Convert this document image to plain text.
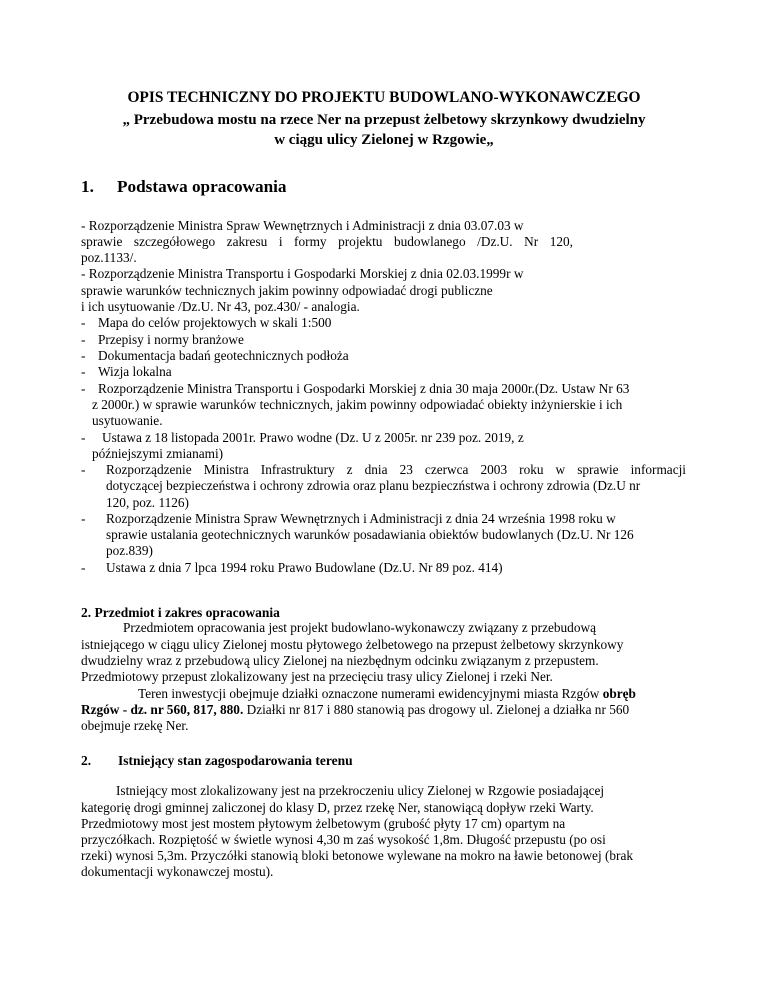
OPIS TECHNICZNY DO PROJEKTU BUDOWLANO-WYKONAWCZEGO

„ Przebudowa mostu na rzece Ner na przepust żelbetowy skrzynkowy dwudzielny

w ciągu ulicy Zielonej w Rzgowie„

1. Podstawa opracowania

- Rozporządzenie Ministra Spraw Wewnętrznych i Administracji z dnia 03.07.03 w

sprawie szczegółowego zakresu i formy projektu budowlanego /Dz.U. Nr 120,

poz.1133/.

- Rozporządzenie Ministra Transportu i Gospodarki Morskiej z dnia 02.03.1999r w

sprawie warunków technicznych jakim powinny odpowiadać drogi publiczne

i ich usytuowanie /Dz.U. Nr 43, poz.430/ - analogia.

- Mapa do celów projektowych w skali 1:500

- Przepisy i normy branżowe

- Dokumentacja badań geotechnicznych podłoża

- Wizja lokalna

- Rozporządzenie Ministra Transportu i Gospodarki Morskiej z dnia 30 maja 2000r.(Dz. Ustaw Nr 63

z 2000r.) w sprawie warunków technicznych, jakim powinny odpowiadać obiekty inżynierskie i ich

usytuowanie.

- Ustawa z 18 listopada 2001r. Prawo wodne (Dz. U z 2005r. nr 239 poz. 2019, z

późniejszymi zmianami)

- Rozporządzenie Ministra Infrastruktury z dnia 23 czerwca 2003 roku w sprawie informacji

dotyczącej bezpieczeństwa i ochrony zdrowia oraz planu bezpieczństwa i ochrony zdrowia (Dz.U nr

120, poz. 1126)

- Rozporządzenie Ministra Spraw Wewnętrznych i Administracji z dnia 24 września 1998 roku w

sprawie ustalania geotechnicznych warunków posadawiania obiektów budowlanych (Dz.U. Nr 126

poz.839)

- Ustawa z dnia 7 lpca 1994 roku Prawo Budowlane (Dz.U. Nr 89 poz. 414)

2. Przedmiot i zakres opracowania

Przedmiotem opracowania jest projekt budowlano-wykonawczy związany z przebudową

istniejącego w ciągu ulicy Zielonej mostu płytowego żelbetowego na przepust żelbetowy skrzynkowy

dwudzielny wraz z przebudową ulicy Zielonej na niezbędnym odcinku związanym z przepustem.

Przedmiotowy przepust zlokalizowany jest na przecięciu trasy ulicy Zielonej i rzeki Ner.

Teren inwestycji obejmuje działki oznaczone numerami ewidencyjnymi miasta Rzgów obręb

Rzgów - dz. nr 560, 817, 880. Działki nr 817 i 880 stanowią pas drogowy ul. Zielonej a działka nr 560

obejmuje rzekę Ner.

2. Istniejący stan zagospodarowania terenu

Istniejący most zlokalizowany jest na przekroczeniu ulicy Zielonej w Rzgowie posiadającej

kategorię drogi gminnej zaliczonej do klasy D, przez rzekę Ner, stanowiącą dopływ rzeki Warty.

Przedmiotowy most jest mostem płytowym żelbetowym (grubość płyty 17 cm) opartym na

przyczółkach. Rozpiętość w świetle wynosi 4,30 m zaś wysokość 1,8m. Długość przepustu (po osi

rzeki) wynosi 5,3m. Przyczółki stanowią bloki betonowe wylewane na mokro na ławie betonowej (brak

dokumentacji wykonawczej mostu).
